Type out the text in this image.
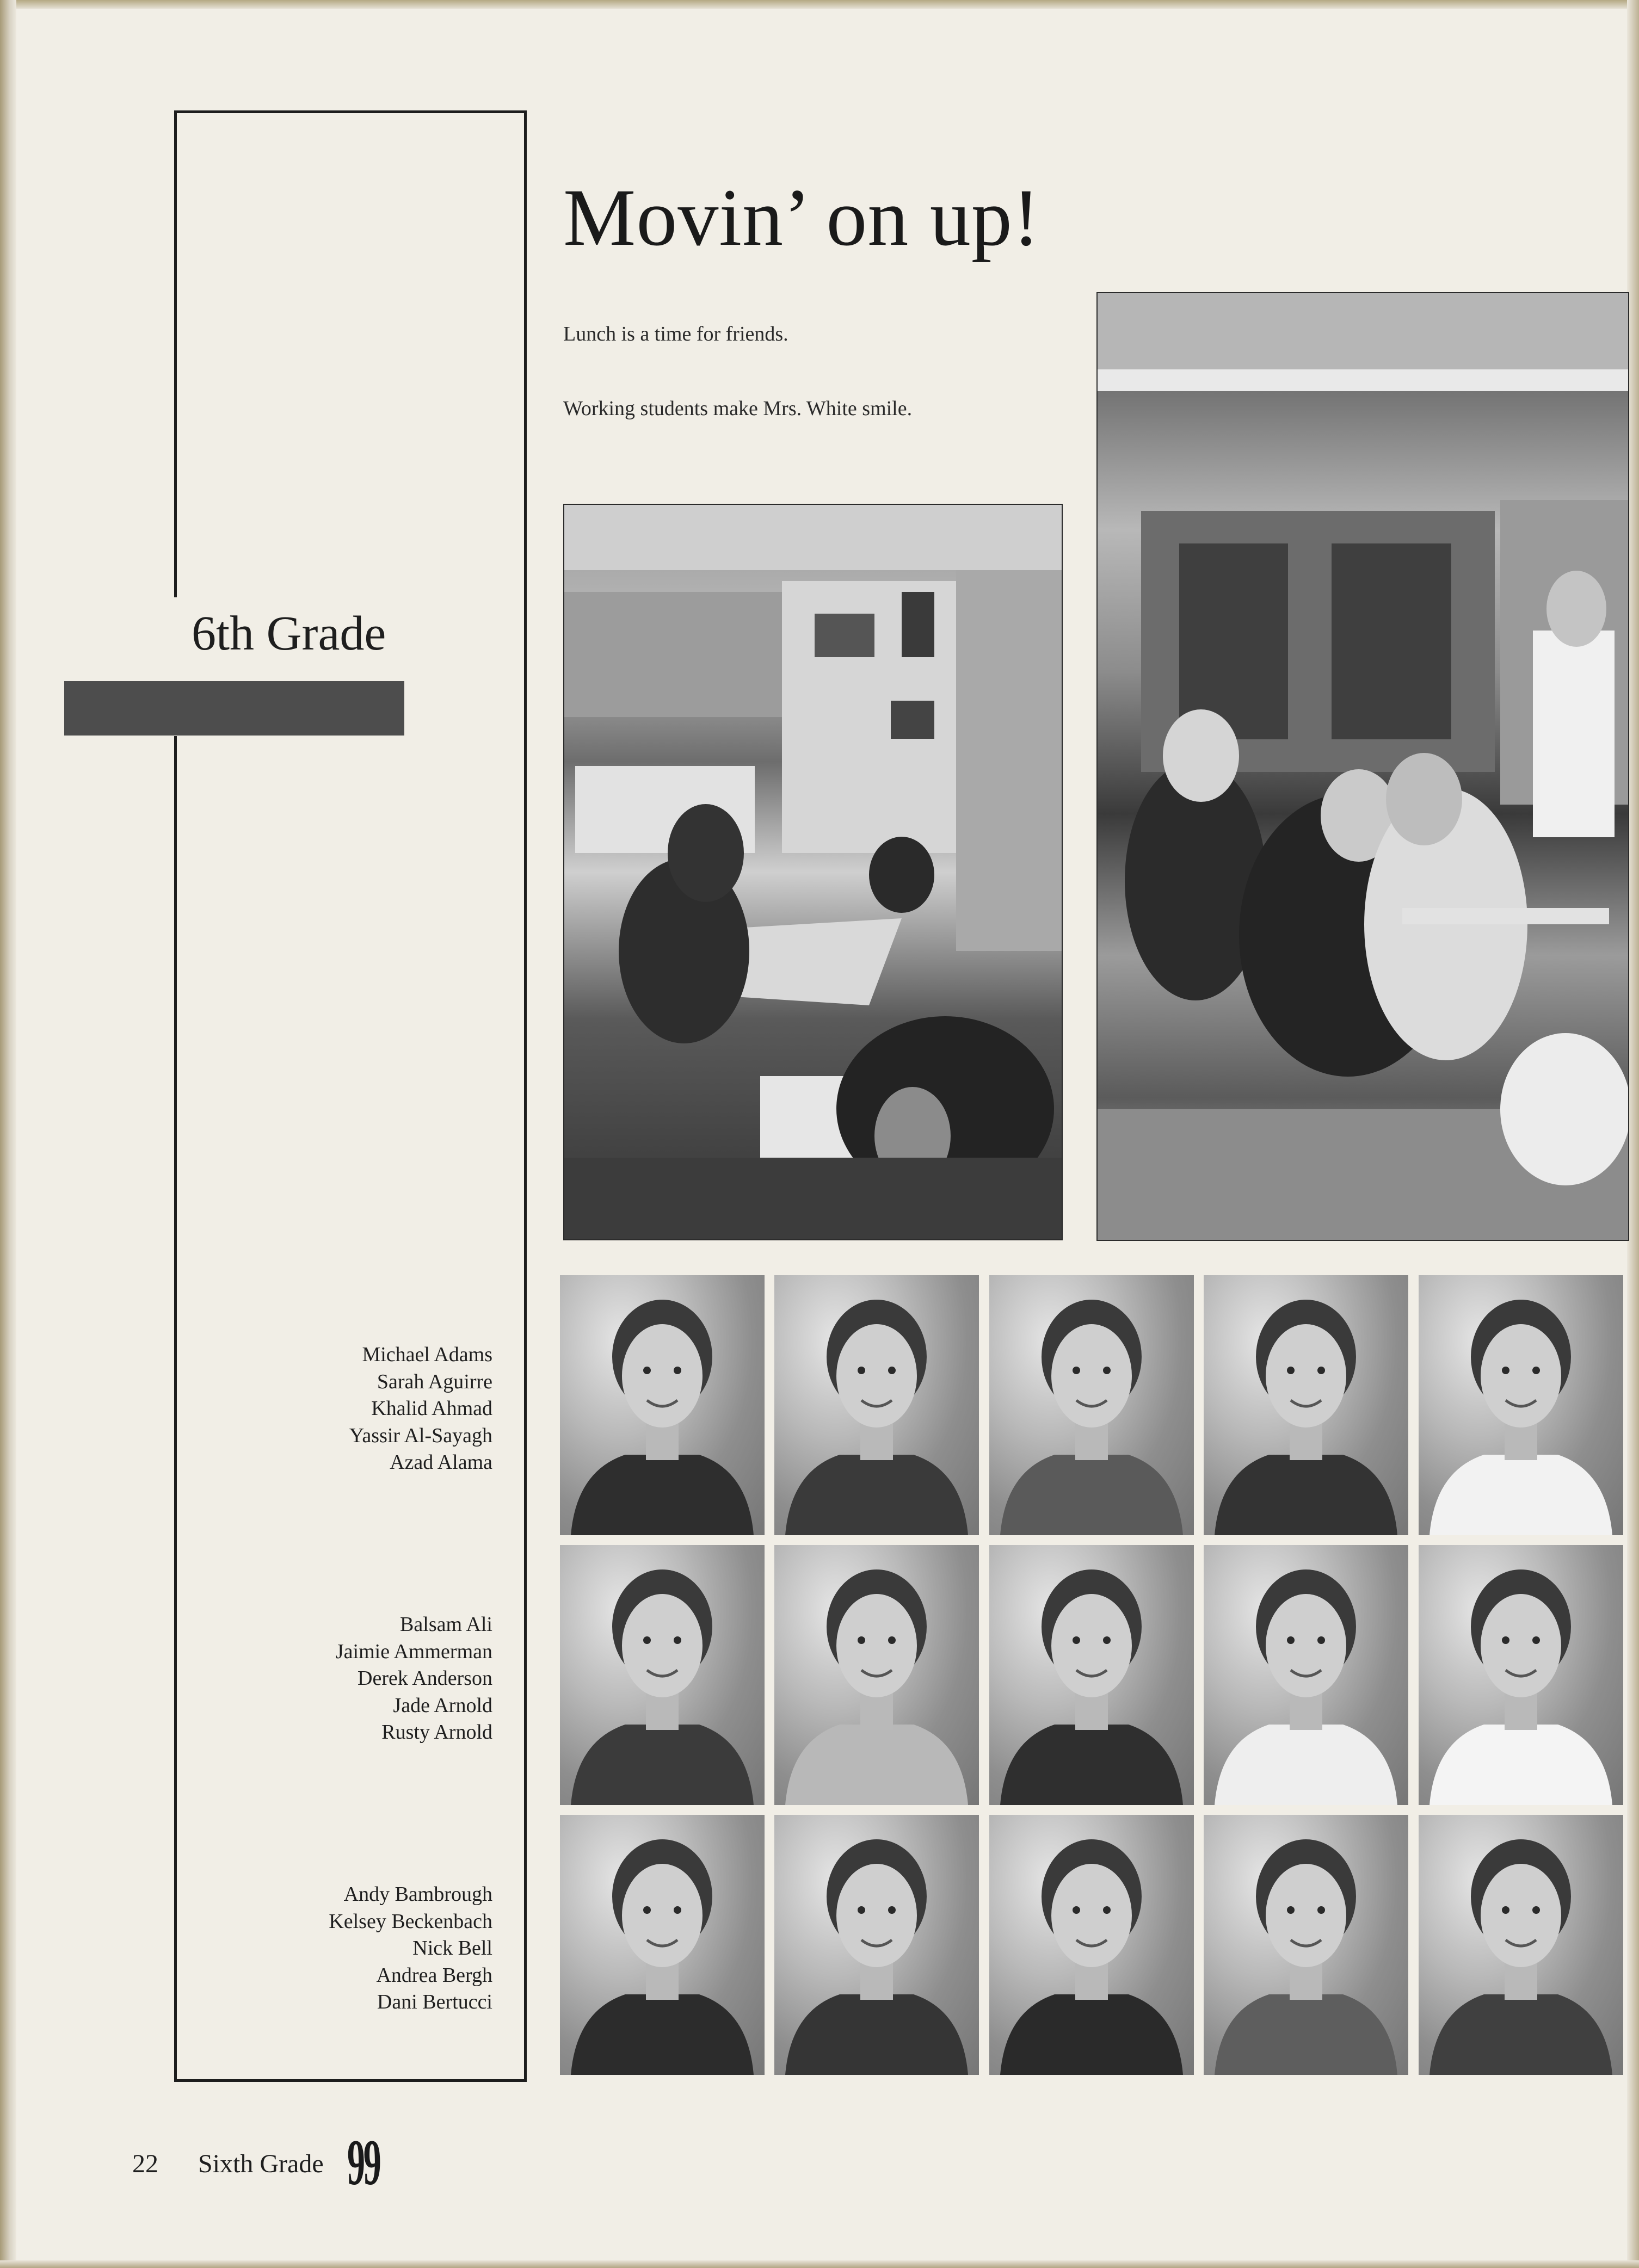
6th Grade
Movin’ on up!
Lunch is a time for friends.
Working students make Mrs. White smile.
Michael Adams
Sarah Aguirre
Khalid Ahmad
Yassir Al-Sayagh
Azad Alama
Balsam Ali
Jaimie Ammerman
Derek Anderson
Jade Arnold
Rusty Arnold
Andy Bambrough
Kelsey Beckenbach
Nick Bell
Andrea Bergh
Dani Bertucci
22 Sixth Grade 99
